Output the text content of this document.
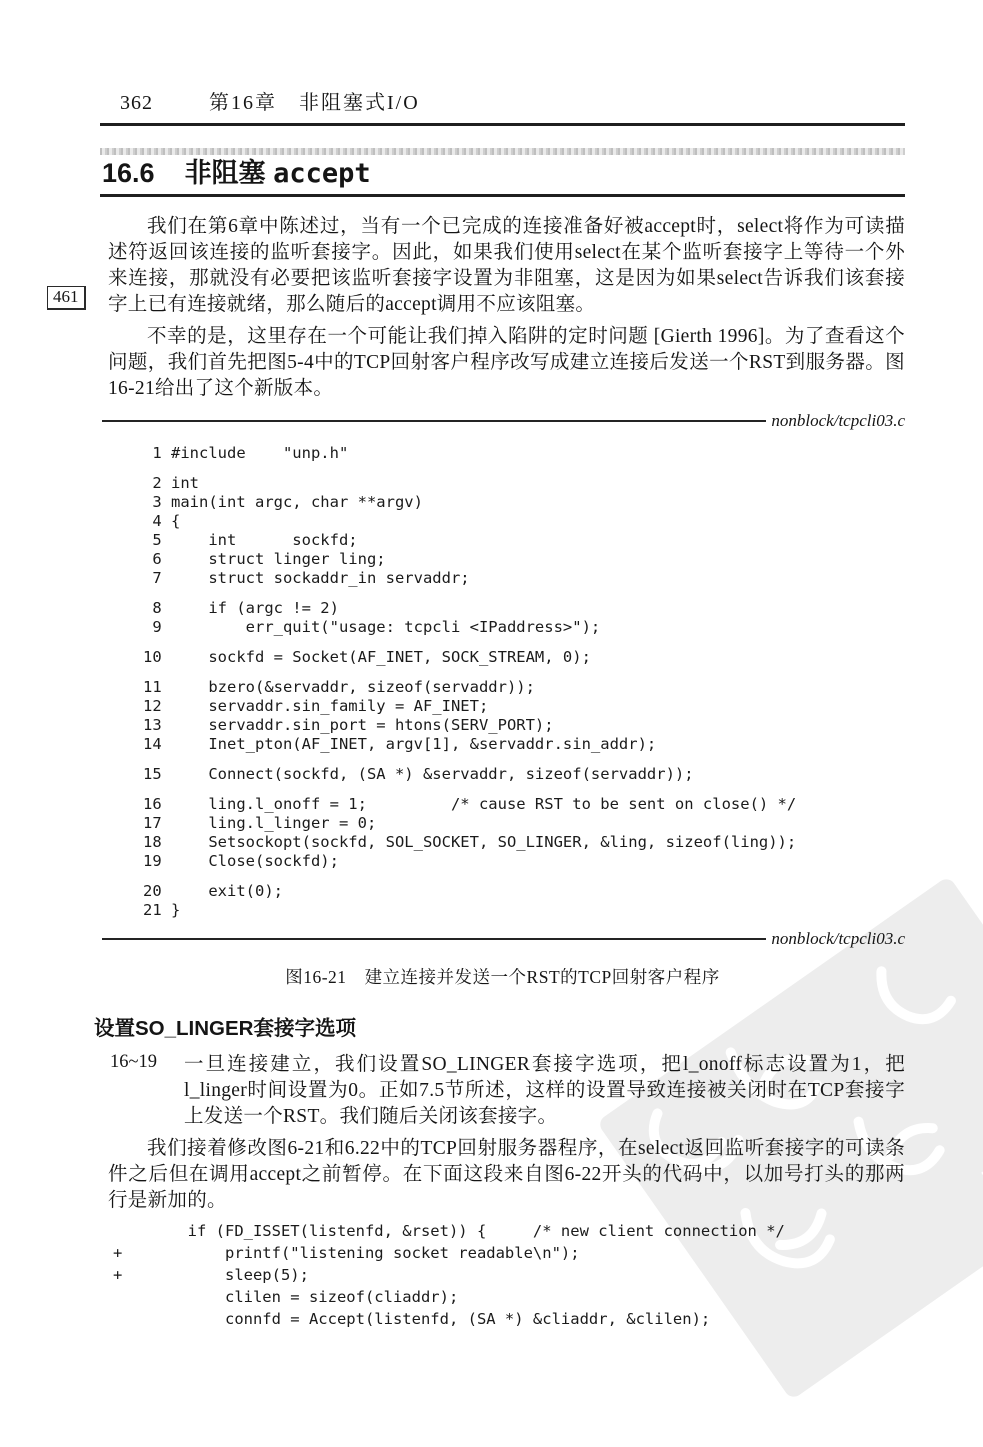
461
362	第16章　非阻塞式I/O
16.6 非阻塞 accept

我们在第6章中陈述过，当有一个已完成的连接准备好被accept时，select将作为可读描述符返回该连接的监听套接字。因此，如果我们使用select在某个监听套接字上等待一个外来连接，那就没有必要把该监听套接字设置为非阻塞，这是因为如果select告诉我们该套接字上已有连接就绪，那么随后的accept调用不应该阻塞。

不幸的是，这里存在一个可能让我们掉入陷阱的定时问题 [Gierth 1996]。为了查看这个问题，我们首先把图5-4中的TCP回射客户程序改写成建立连接后发送一个RST到服务器。图16-21给出了这个新版本。

nonblock/tcpcli03.c
1 #include    "unp.h"

2 int
3 main(int argc, char **argv)
4 {
5     int      sockfd;
6     struct linger ling;
7     struct sockaddr_in servaddr;

8     if (argc != 2)
9         err_quit("usage: tcpcli <IPaddress>");

10     sockfd = Socket(AF_INET, SOCK_STREAM, 0);

11     bzero(&servaddr, sizeof(servaddr));
12     servaddr.sin_family = AF_INET;
13     servaddr.sin_port = htons(SERV_PORT);
14     Inet_pton(AF_INET, argv[1], &servaddr.sin_addr);

15     Connect(sockfd, (SA *) &servaddr, sizeof(servaddr));

16     ling.l_onoff = 1;         /* cause RST to be sent on close() */
17     ling.l_linger = 0;
18     Setsockopt(sockfd, SOL_SOCKET, SO_LINGER, &ling, sizeof(ling));
19     Close(sockfd);

20     exit(0);
21 }
nonblock/tcpcli03.c
图16-21　 建立连接并发送一个RST的TCP回射客户程序
设置SO_LINGER套接字选项
16~19	一旦连接建立，我们设置SO_LINGER套接字选项，把l_onoff标志设置为1，把l_linger时间设置为0。正如7.5节所述，这样的设置导致连接被关闭时在TCP套接字上发送一个RST。我们随后关闭该套接字。

我们接着修改图6-21和6.22中的TCP回射服务器程序，在select返回监听套接字的可读条件之后但在调用accept之前暂停。在下面这段来自图6-22开头的代码中，以加号打头的那两行是新加的。

if (FD_ISSET(listenfd, &rset)) {     /* new client connection */
+           printf("listening socket readable\n");
+           sleep(5);
clilen = sizeof(cliaddr);
connfd = Accept(listenfd, (SA *) &cliaddr, &clilen);
